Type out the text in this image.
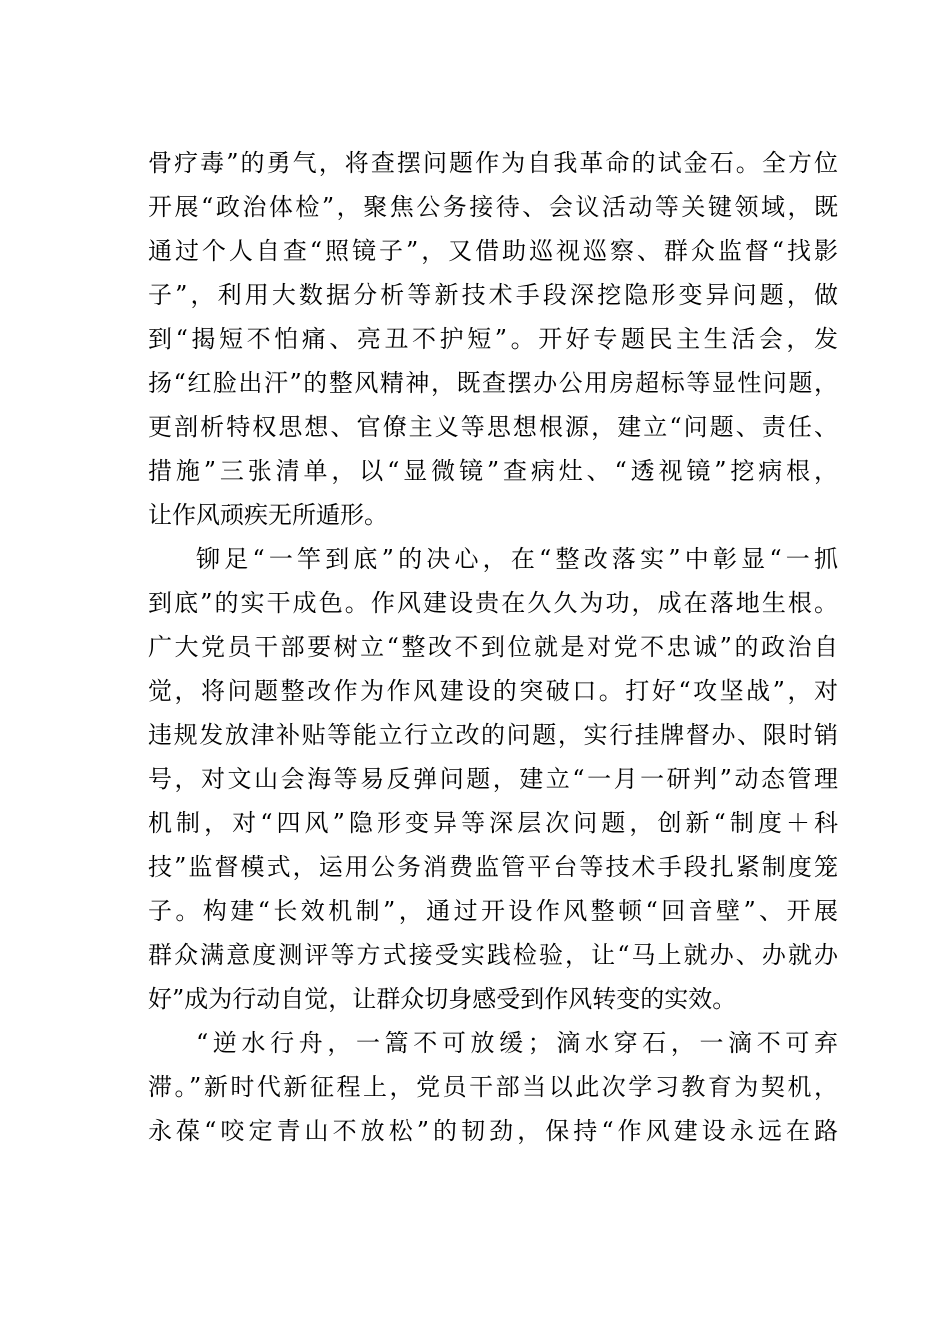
骨疗毒”的勇气，将查摆问题作为自我革命的试金石。全方位
开展“政治体检”，聚焦公务接待、会议活动等关键领域，既
通过个人自查“照镜子”，又借助巡视巡察、群众监督“找影
子”，利用大数据分析等新技术手段深挖隐形变异问题，做
到“揭短不怕痛、亮丑不护短”。开好专题民主生活会，发
扬“红脸出汗”的整风精神，既查摆办公用房超标等显性问题，
更剖析特权思想、官僚主义等思想根源，建立“问题、责任、
措施”三张清单，以“显微镜”查病灶、“透视镜”挖病根，
让作风顽疾无所遁形。
铆足“一竿到底”的决心，在“整改落实”中彰显“一抓
到底”的实干成色。作风建设贵在久久为功，成在落地生根。
广大党员干部要树立“整改不到位就是对党不忠诚”的政治自
觉，将问题整改作为作风建设的突破口。打好“攻坚战”，对
违规发放津补贴等能立行立改的问题，实行挂牌督办、限时销
号，对文山会海等易反弹问题，建立“一月一研判”动态管理
机制，对“四风”隐形变异等深层次问题，创新“制度＋科
技”监督模式，运用公务消费监管平台等技术手段扎紧制度笼
子。构建“长效机制”，通过开设作风整顿“回音壁”、开展
群众满意度测评等方式接受实践检验，让“马上就办、办就办
好”成为行动自觉，让群众切身感受到作风转变的实效。
“逆水行舟，一篙不可放缓；滴水穿石，一滴不可弃
滞。”新时代新征程上，党员干部当以此次学习教育为契机，
永葆“咬定青山不放松”的韧劲，保持“作风建设永远在路
